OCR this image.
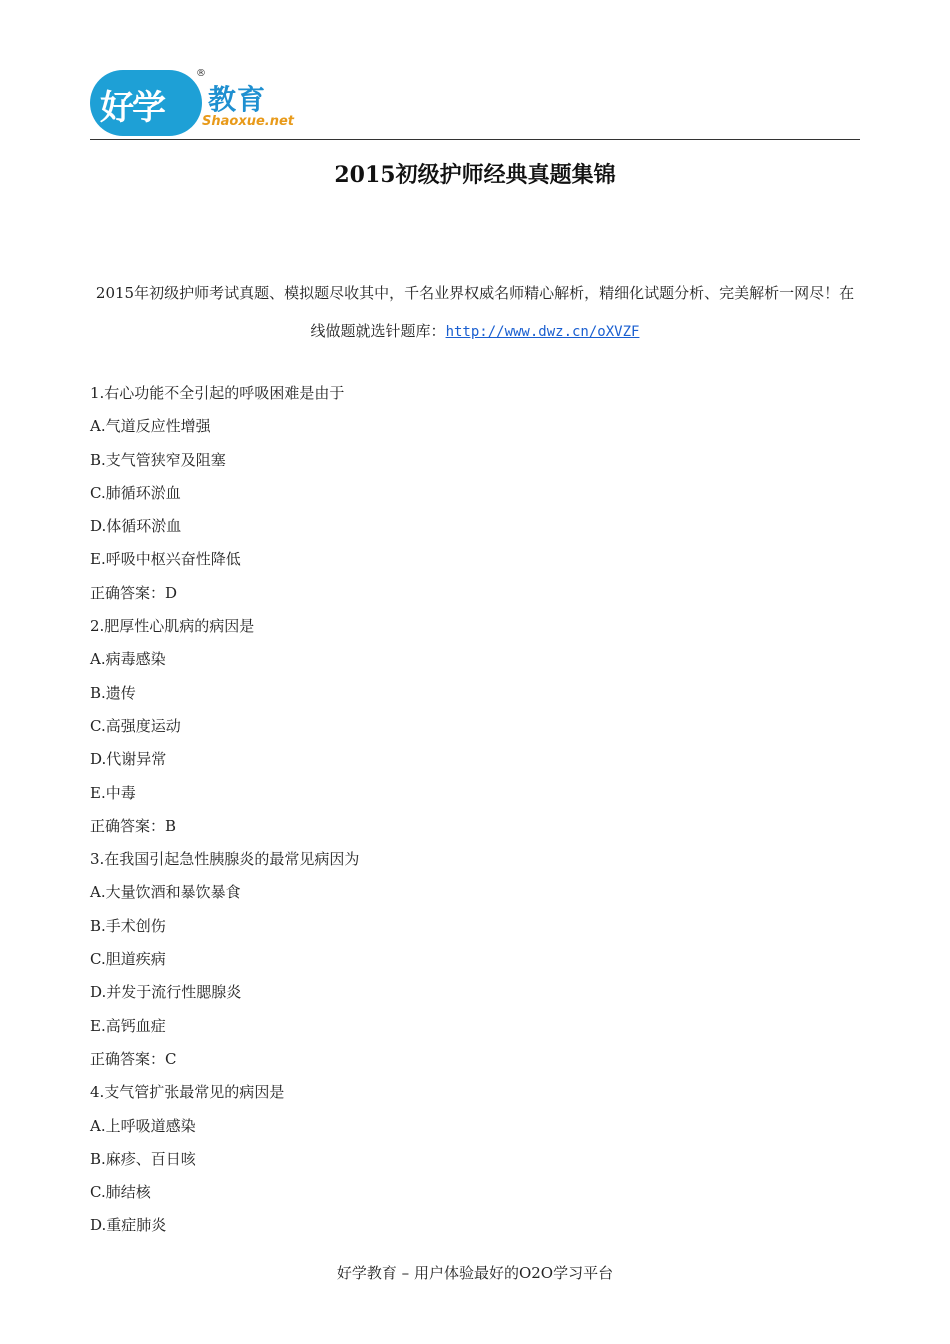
好学
®
教育
Shaoxue.net
2015初级护师经典真题集锦
2015年初级护师考试真题、模拟题尽收其中，千名业界权威名师精心解析，精细化试题分析、完美解析一网尽！在线做题就选针题库：http://www.dwz.cn/oXVZF
1.右心功能不全引起的呼吸困难是由于
A.气道反应性增强
B.支气管狭窄及阻塞
C.肺循环淤血
D.体循环淤血
E.呼吸中枢兴奋性降低
正确答案：D
2.肥厚性心肌病的病因是
A.病毒感染
B.遗传
C.高强度运动
D.代谢异常
E.中毒
正确答案：B
3.在我国引起急性胰腺炎的最常见病因为
A.大量饮酒和暴饮暴食
B.手术创伤
C.胆道疾病
D.并发于流行性腮腺炎
E.高钙血症
正确答案：C
4.支气管扩张最常见的病因是
A.上呼吸道感染
B.麻疹、百日咳
C.肺结核
D.重症肺炎
好学教育 – 用户体验最好的O2O学习平台
